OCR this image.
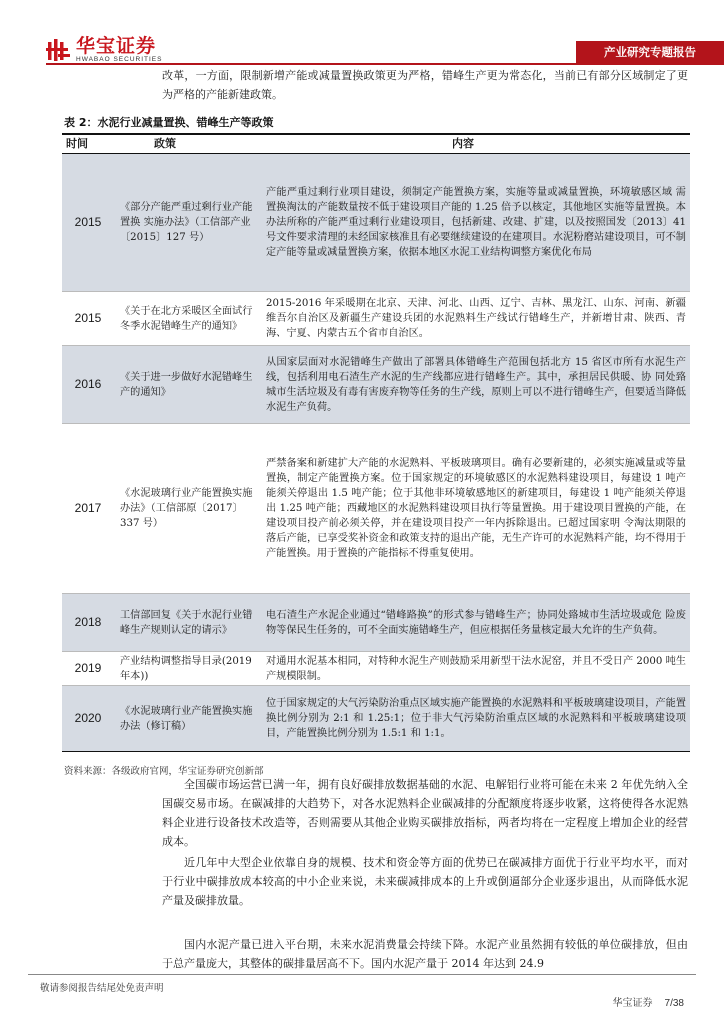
华宝证券
HWABAO SECURITIES
产业研究专题报告

改革，一方面，限制新增产能或减量置换政策更为严格，错峰生产更为常态化，当前已有部分区域制定了更为严格的产能新建政策。

表 2：水泥行业减量置换、错峰生产等政策
时间	政策	内容
2015	《部分产能严重过剩行业产能置换 实施办法》（工信部产业〔2015〕127 号）	产能严重过剩行业项目建设，须制定产能置换方案，实施等量或减量置换，环境敏感区域 需置换淘汰的产能数量按不低于建设项目产能的 1.25 倍予以核定，其他地区实施等量置换。本办法所称的产能严重过剩行业建设项目，包括新建、改建、扩建，以及按照国发〔2013〕41 号文件要求清理的未经国家核准且有必要继续建设的在建项目。水泥粉磨站建设项目，可不制定产能等量或减量置换方案，依据本地区水泥工业结构调整方案优化布局
2015	《关于在北方采暖区全面试行冬季水泥错峰生产的通知》	2015-2016 年采暖期在北京、天津、河北、山西、辽宁、吉林、黑龙江、山东、河南、新疆维吾尔自治区及新疆生产建设兵团的水泥熟料生产线试行错峰生产，并新增甘肃、陕西、青海、宁夏、内蒙古五个省市自治区。
2016	《关于进一步做好水泥错峰生产的通知》	从国家层面对水泥错峰生产做出了部署具体错峰生产范围包括北方 15 省区市所有水泥生产线，包括利用电石渣生产水泥的生产线都应进行错峰生产。其中，承担居民供暖、协 同处臵城市生活垃圾及有毒有害废弃物等任务的生产线，原则上可以不进行错峰生产，但要适当降低水泥生产负荷。
2017	《水泥玻璃行业产能置换实施办法》（工信部原〔2017〕337 号）	严禁备案和新建扩大产能的水泥熟料、平板玻璃项目。确有必要新建的，必须实施减量或等量置换，制定产能置换方案。位于国家规定的环境敏感区的水泥熟料建设项目，每建设 1 吨产能须关停退出 1.5 吨产能；位于其他非环境敏感地区的新建项目，每建设 1 吨产能须关停退出 1.25 吨产能；西藏地区的水泥熟料建设项目执行等量置换。用于建设项目置换的产能，在建设项目投产前必须关停，并在建设项目投产一年内拆除退出。已超过国家明 令淘汰期限的落后产能，已享受奖补资金和政策支持的退出产能，无生产许可的水泥熟料产能，均不得用于产能置换。用于置换的产能指标不得重复使用。
2018	工信部回复《关于水泥行业错峰生产规则认定的请示》	电石渣生产水泥企业通过“错峰路换”的形式参与错峰生产；协同处臵城市生活垃圾或危 险废物等保民生任务的，可不全面实施错峰生产，但应根据任务量核定最大允许的生产负荷。
2019	产业结构调整指导目录(2019 年本))	对通用水泥基本相同，对特种水泥生产则鼓励采用新型干法水泥窑，并且不受日产 2000 吨生产规模限制。
2020	《水泥玻璃行业产能置换实施办法（修订稿）	位于国家规定的大气污染防治重点区域实施产能置换的水泥熟料和平板玻璃建设项目，产能置换比例分别为 2:1 和 1.25:1；位于非大气污染防治重点区域的水泥熟料和平板玻璃建设项目，产能置换比例分别为 1.5:1 和 1:1。
资料来源：各级政府官网，华宝证券研究创新部

全国碳市场运营已满一年，拥有良好碳排放数据基础的水泥、电解铝行业将可能在未来 2 年优先纳入全国碳交易市场。在碳减排的大趋势下，对各水泥熟料企业碳减排的分配额度将逐步收紧，这将使得各水泥熟料企业进行设备技术改造等，否则需要从其他企业购买碳排放指标，两者均将在一定程度上增加企业的经营成本。

近几年中大型企业依靠自身的规模、技术和资金等方面的优势已在碳减排方面优于行业平均水平，而对于行业中碳排放成本较高的中小企业来说，未来碳减排成本的上升或倒逼部分企业逐步退出，从而降低水泥产量及碳排放量。

国内水泥产量已进入平台期，未来水泥消费量会持续下降。水泥产业虽然拥有较低的单位碳排放，但由于总产量庞大，其整体的碳排量居高不下。国内水泥产量于 2014 年达到 24.9

敬请参阅报告结尾处免责声明
华宝证券 7/38
